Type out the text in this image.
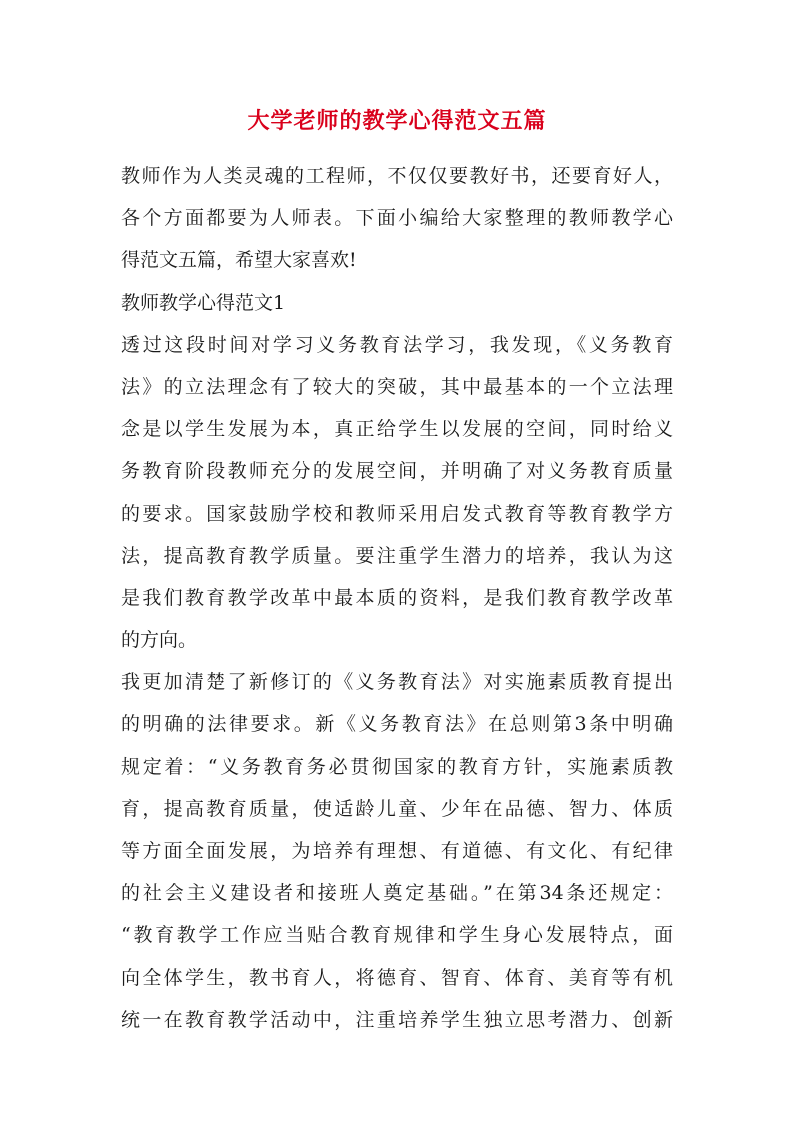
大学老师的教学心得范文五篇
教师作为人类灵魂的工程师，不仅仅要教好书，还要育好人，
各个方面都要为人师表。下面小编给大家整理的教师教学心
得范文五篇，希望大家喜欢!
教师教学心得范文1
透过这段时间对学习义务教育法学习，我发现，《义务教育
法》的立法理念有了较大的突破，其中最基本的一个立法理
念是以学生发展为本，真正给学生以发展的空间，同时给义
务教育阶段教师充分的发展空间，并明确了对义务教育质量
的要求。国家鼓励学校和教师采用启发式教育等教育教学方
法，提高教育教学质量。要注重学生潜力的培养，我认为这
是我们教育教学改革中最本质的资料，是我们教育教学改革
的方向。
我更加清楚了新修订的《义务教育法》对实施素质教育提出
的明确的法律要求。新《义务教育法》在总则第3条中明确
规定着：“义务教育务必贯彻国家的教育方针，实施素质教
育，提高教育质量，使适龄儿童、少年在品德、智力、体质
等方面全面发展，为培养有理想、有道德、有文化、有纪律
的社会主义建设者和接班人奠定基础。”在第34条还规定：
“教育教学工作应当贴合教育规律和学生身心发展特点，面
向全体学生，教书育人，将德育、智育、体育、美育等有机
统一在教育教学活动中，注重培养学生独立思考潜力、创新
